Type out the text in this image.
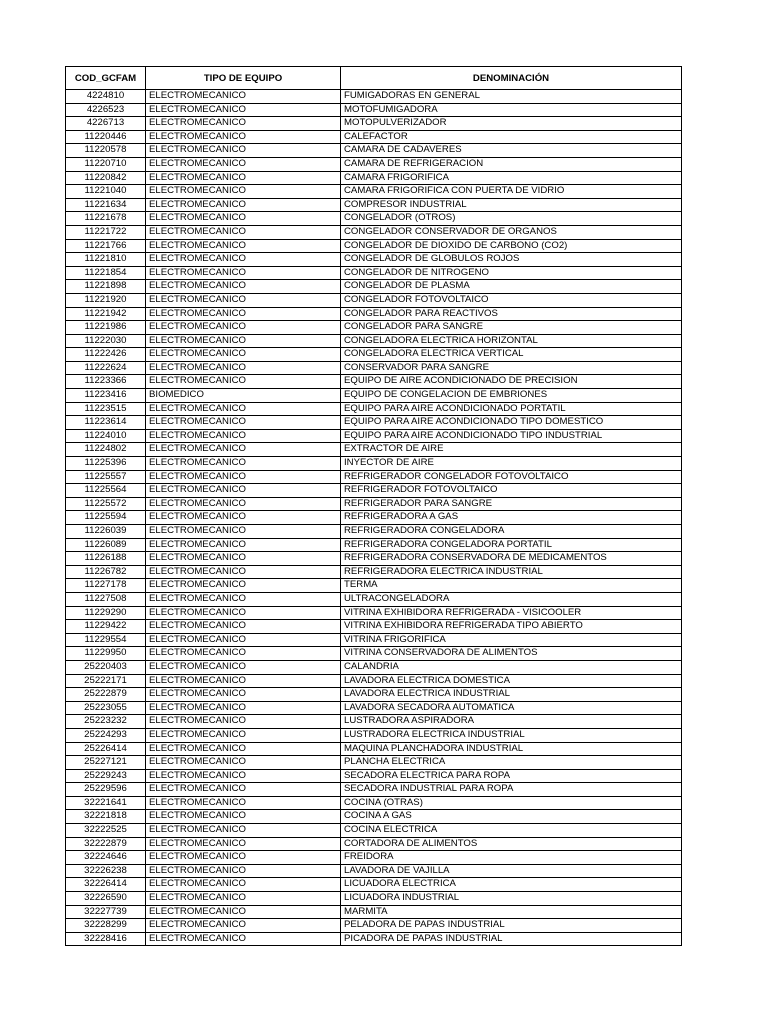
COD_GCFAM	TIPO DE EQUIPO	DENOMINACIÓN
4224810	ELECTROMECANICO	FUMIGADORAS EN GENERAL
4226523	ELECTROMECANICO	MOTOFUMIGADORA
4226713	ELECTROMECANICO	MOTOPULVERIZADOR
11220446	ELECTROMECANICO	CALEFACTOR
11220578	ELECTROMECANICO	CAMARA DE CADAVERES
11220710	ELECTROMECANICO	CAMARA DE REFRIGERACION
11220842	ELECTROMECANICO	CAMARA FRIGORIFICA
11221040	ELECTROMECANICO	CAMARA FRIGORIFICA CON PUERTA DE VIDRIO
11221634	ELECTROMECANICO	COMPRESOR INDUSTRIAL
11221678	ELECTROMECANICO	CONGELADOR (OTROS)
11221722	ELECTROMECANICO	CONGELADOR CONSERVADOR DE ORGANOS
11221766	ELECTROMECANICO	CONGELADOR DE DIOXIDO DE CARBONO (CO2)
11221810	ELECTROMECANICO	CONGELADOR DE GLOBULOS ROJOS
11221854	ELECTROMECANICO	CONGELADOR DE NITROGENO
11221898	ELECTROMECANICO	CONGELADOR DE PLASMA
11221920	ELECTROMECANICO	CONGELADOR FOTOVOLTAICO
11221942	ELECTROMECANICO	CONGELADOR PARA REACTIVOS
11221986	ELECTROMECANICO	CONGELADOR PARA SANGRE
11222030	ELECTROMECANICO	CONGELADORA ELECTRICA HORIZONTAL
11222426	ELECTROMECANICO	CONGELADORA ELECTRICA VERTICAL
11222624	ELECTROMECANICO	CONSERVADOR PARA SANGRE
11223366	ELECTROMECANICO	EQUIPO DE AIRE ACONDICIONADO DE PRECISION
11223416	BIOMEDICO	EQUIPO DE CONGELACION DE EMBRIONES
11223515	ELECTROMECANICO	EQUIPO PARA AIRE ACONDICIONADO PORTATIL
11223614	ELECTROMECANICO	EQUIPO PARA AIRE ACONDICIONADO TIPO DOMESTICO
11224010	ELECTROMECANICO	EQUIPO PARA AIRE ACONDICIONADO TIPO INDUSTRIAL
11224802	ELECTROMECANICO	EXTRACTOR DE AIRE
11225396	ELECTROMECANICO	INYECTOR DE AIRE
11225557	ELECTROMECANICO	REFRIGERADOR CONGELADOR FOTOVOLTAICO
11225564	ELECTROMECANICO	REFRIGERADOR FOTOVOLTAICO
11225572	ELECTROMECANICO	REFRIGERADOR PARA SANGRE
11225594	ELECTROMECANICO	REFRIGERADORA A GAS
11226039	ELECTROMECANICO	REFRIGERADORA CONGELADORA
11226089	ELECTROMECANICO	REFRIGERADORA CONGELADORA PORTATIL
11226188	ELECTROMECANICO	REFRIGERADORA CONSERVADORA DE MEDICAMENTOS
11226782	ELECTROMECANICO	REFRIGERADORA ELECTRICA INDUSTRIAL
11227178	ELECTROMECANICO	TERMA
11227508	ELECTROMECANICO	ULTRACONGELADORA
11229290	ELECTROMECANICO	VITRINA EXHIBIDORA REFRIGERADA - VISICOOLER
11229422	ELECTROMECANICO	VITRINA EXHIBIDORA REFRIGERADA TIPO ABIERTO
11229554	ELECTROMECANICO	VITRINA FRIGORIFICA
11229950	ELECTROMECANICO	VITRINA CONSERVADORA DE ALIMENTOS
25220403	ELECTROMECANICO	CALANDRIA
25222171	ELECTROMECANICO	LAVADORA ELECTRICA DOMESTICA
25222879	ELECTROMECANICO	LAVADORA ELECTRICA INDUSTRIAL
25223055	ELECTROMECANICO	LAVADORA SECADORA AUTOMATICA
25223232	ELECTROMECANICO	LUSTRADORA ASPIRADORA
25224293	ELECTROMECANICO	LUSTRADORA ELECTRICA INDUSTRIAL
25226414	ELECTROMECANICO	MAQUINA PLANCHADORA INDUSTRIAL
25227121	ELECTROMECANICO	PLANCHA ELECTRICA
25229243	ELECTROMECANICO	SECADORA ELECTRICA PARA ROPA
25229596	ELECTROMECANICO	SECADORA INDUSTRIAL PARA ROPA
32221641	ELECTROMECANICO	COCINA (OTRAS)
32221818	ELECTROMECANICO	COCINA A GAS
32222525	ELECTROMECANICO	COCINA ELECTRICA
32222879	ELECTROMECANICO	CORTADORA DE ALIMENTOS
32224646	ELECTROMECANICO	FREIDORA
32226238	ELECTROMECANICO	LAVADORA DE VAJILLA
32226414	ELECTROMECANICO	LICUADORA ELECTRICA
32226590	ELECTROMECANICO	LICUADORA INDUSTRIAL
32227739	ELECTROMECANICO	MARMITA
32228299	ELECTROMECANICO	PELADORA DE PAPAS INDUSTRIAL
32228416	ELECTROMECANICO	PICADORA DE PAPAS INDUSTRIAL
